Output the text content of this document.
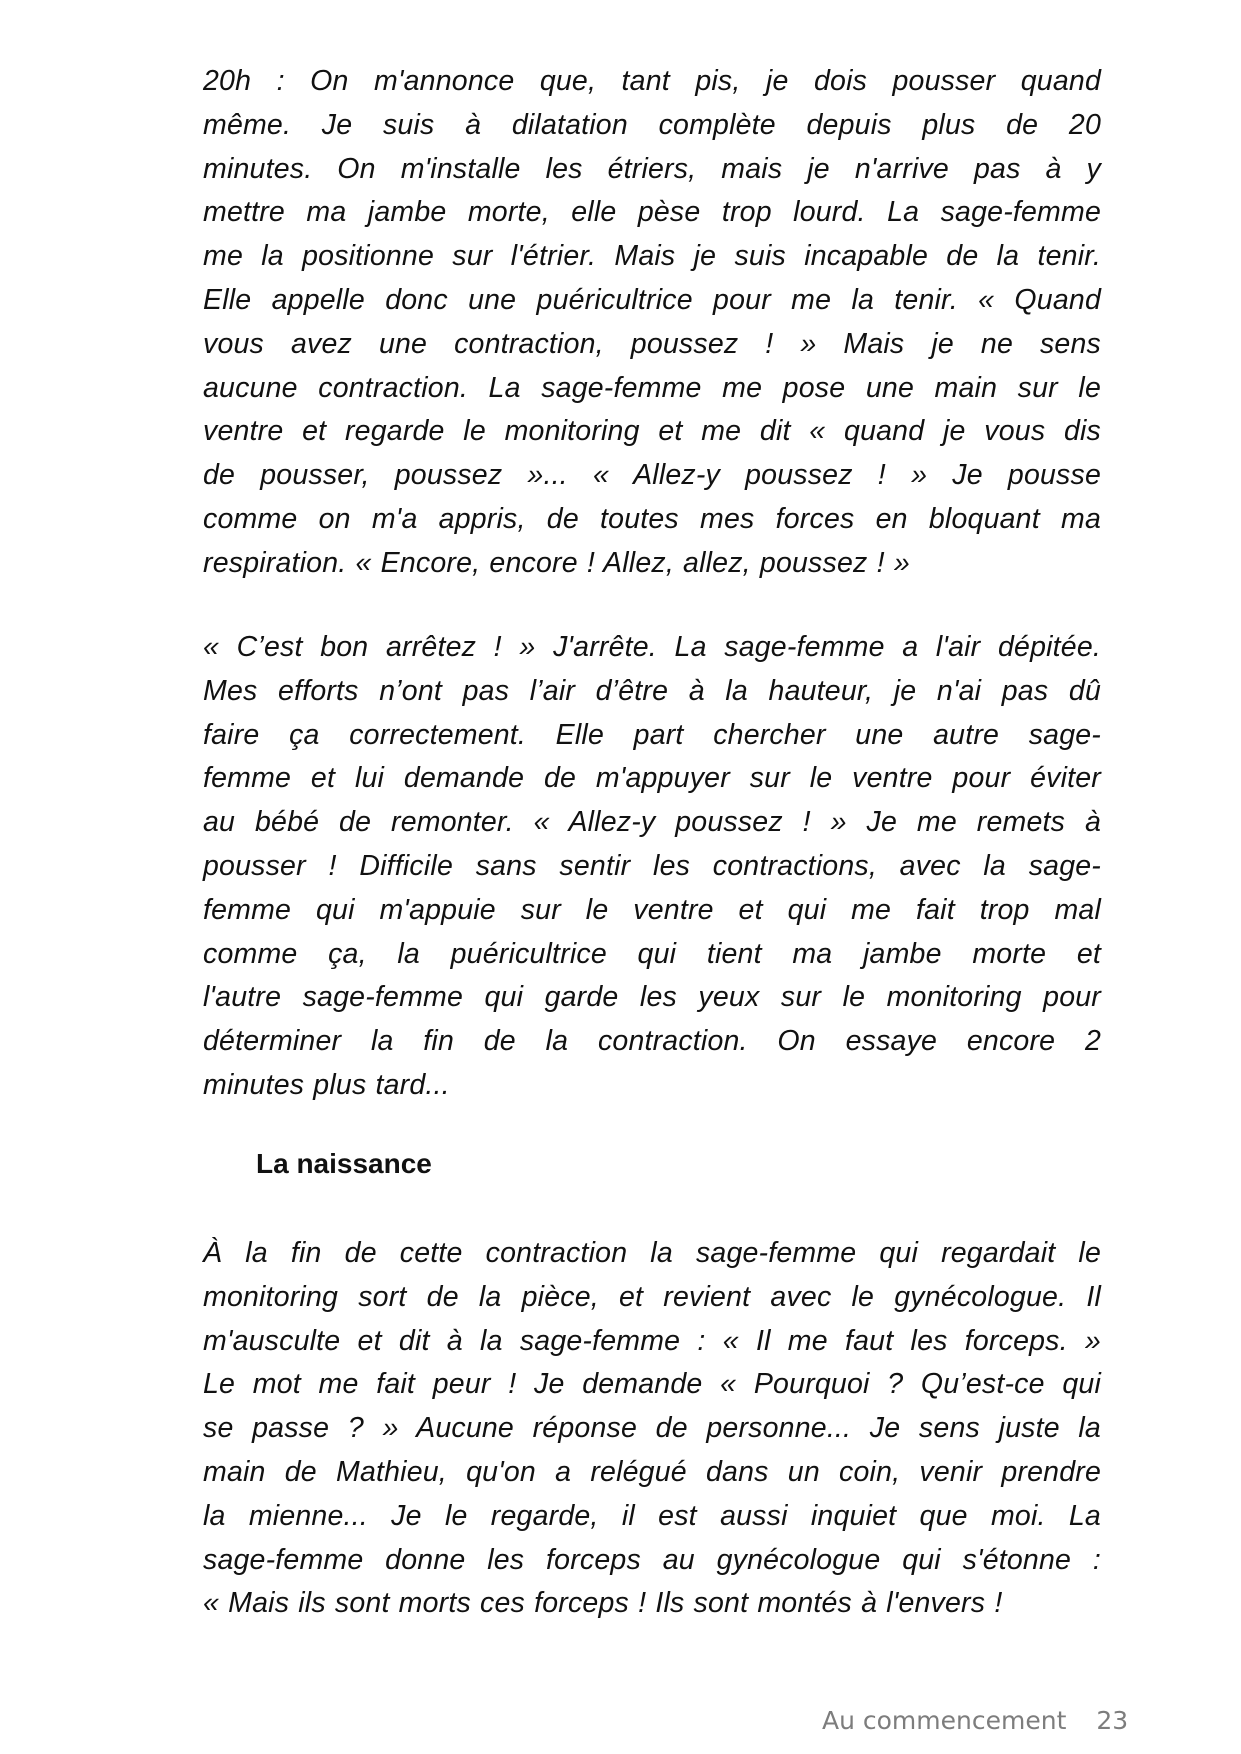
20h : On m'annonce que, tant pis, je dois pousser quand
même. Je suis à dilatation complète depuis plus de 20
minutes. On m'installe les étriers, mais je n'arrive pas à y
mettre ma jambe morte, elle pèse trop lourd. La sage-femme
me la positionne sur l'étrier. Mais je suis incapable de la tenir.
Elle appelle donc une puéricultrice pour me la tenir. « Quand
vous avez une contraction, poussez ! » Mais je ne sens
aucune contraction. La sage-femme me pose une main sur le
ventre et regarde le monitoring et me dit « quand je vous dis
de pousser, poussez »... « Allez-y poussez ! » Je pousse
comme on m'a appris, de toutes mes forces en bloquant ma
respiration. « Encore, encore ! Allez, allez, poussez ! »
« C’est bon arrêtez ! » J'arrête. La sage-femme a l'air dépitée.
Mes efforts n’ont pas l’air d’être à la hauteur, je n'ai pas dû
faire ça correctement. Elle part chercher une autre sage-
femme et lui demande de m'appuyer sur le ventre pour éviter
au bébé de remonter. « Allez-y poussez ! » Je me remets à
pousser ! Difficile sans sentir les contractions, avec la sage-
femme qui m'appuie sur le ventre et qui me fait trop mal
comme ça, la puéricultrice qui tient ma jambe morte et
l'autre sage-femme qui garde les yeux sur le monitoring pour
déterminer la fin de la contraction. On essaye encore 2
minutes plus tard...
La naissance
À la fin de cette contraction la sage-femme qui regardait le
monitoring sort de la pièce, et revient avec le gynécologue. Il
m'ausculte et dit à la sage-femme : « Il me faut les forceps. »
Le mot me fait peur ! Je demande « Pourquoi ? Qu’est-ce qui
se passe ? » Aucune réponse de personne... Je sens juste la
main de Mathieu, qu'on a relégué dans un coin, venir prendre
la mienne... Je le regarde, il est aussi inquiet que moi. La
sage-femme donne les forceps au gynécologue qui s'étonne :
« Mais ils sont morts ces forceps ! Ils sont montés à l'envers !
Au commencement 23
